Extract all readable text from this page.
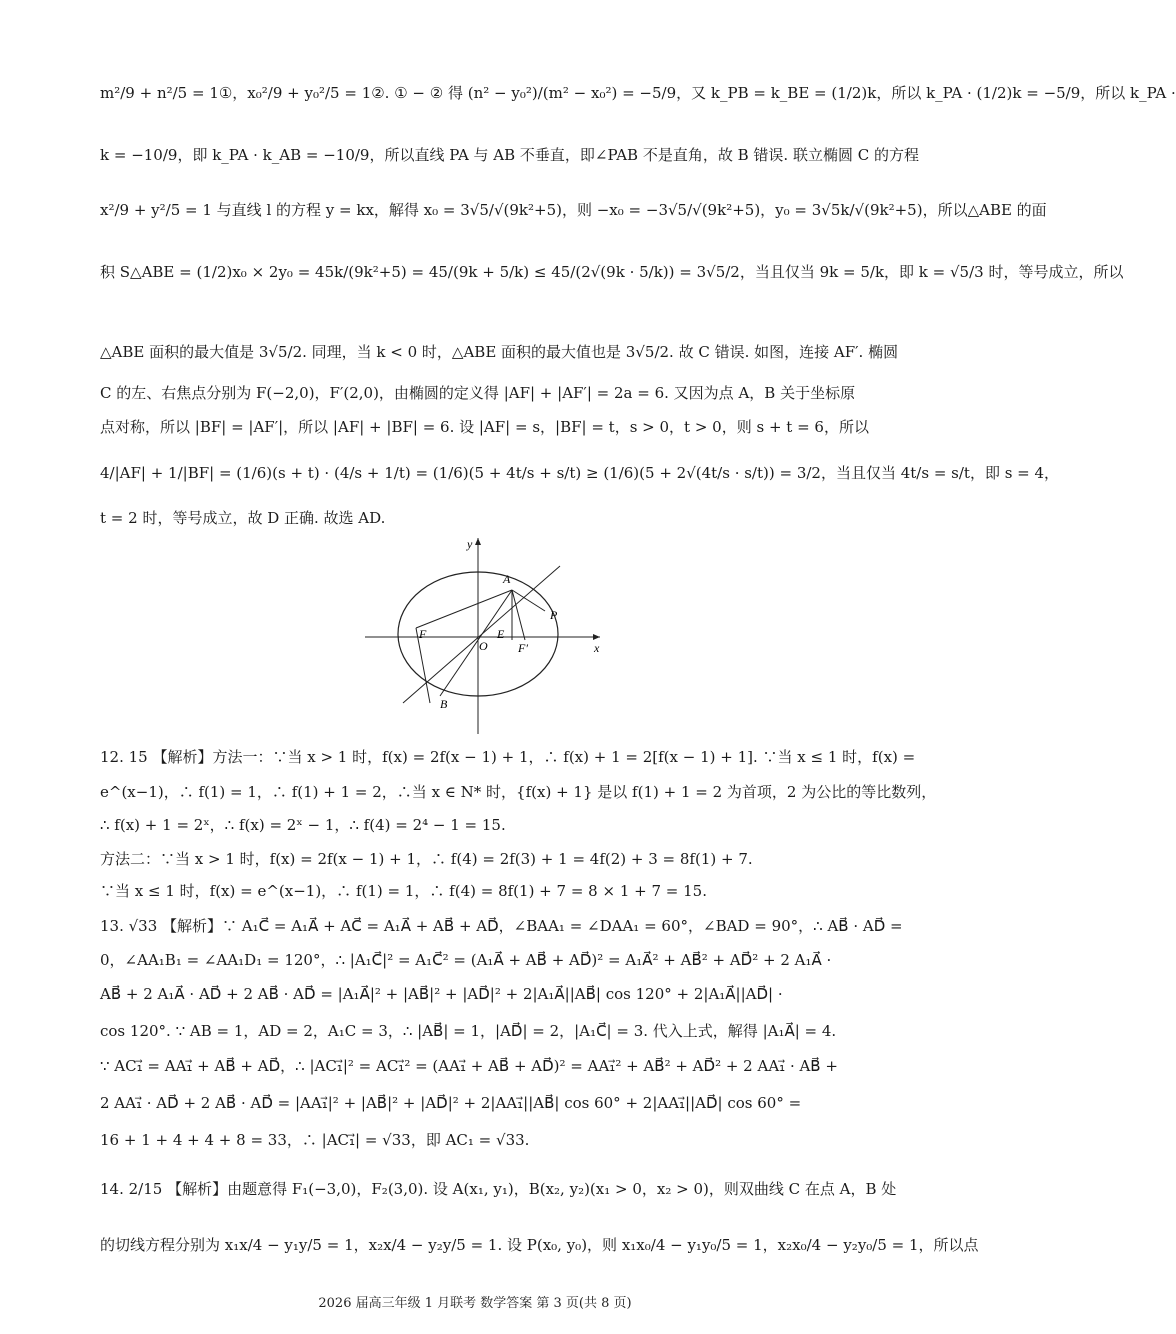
m²/9 + n²/5 = 1①，x₀²/9 + y₀²/5 = 1②. ① − ② 得 (n² − y₀²)/(m² − x₀²) = −5/9，又 k_PB = k_BE = (1/2)k，所以 k_PA · (1/2)k = −5/9，所以 k_PA ·
k = −10/9，即 k_PA · k_AB = −10/9，所以直线 PA 与 AB 不垂直，即∠PAB 不是直角，故 B 错误. 联立椭圆 C 的方程
x²/9 + y²/5 = 1 与直线 l 的方程 y = kx，解得 x₀ = 3√5/√(9k²+5)，则 −x₀ = −3√5/√(9k²+5)，y₀ = 3√5k/√(9k²+5)，所以△ABE 的面
积 S△ABE = (1/2)x₀ × 2y₀ = 45k/(9k²+5) = 45/(9k + 5/k) ≤ 45/(2√(9k · 5/k)) = 3√5/2，当且仅当 9k = 5/k，即 k = √5/3 时，等号成立，所以
△ABE 面积的最大值是 3√5/2. 同理，当 k < 0 时，△ABE 面积的最大值也是 3√5/2. 故 C 错误. 如图，连接 AF′. 椭圆
C 的左、右焦点分别为 F(−2,0)，F′(2,0)，由椭圆的定义得 |AF| + |AF′| = 2a = 6. 又因为点 A，B 关于坐标原
点对称，所以 |BF| = |AF′|，所以 |AF| + |BF| = 6. 设 |AF| = s，|BF| = t，s > 0，t > 0，则 s + t = 6，所以
4/|AF| + 1/|BF| = (1/6)(s + t) · (4/s + 1/t) = (1/6)(5 + 4t/s + s/t) ≥ (1/6)(5 + 2√(4t/s · s/t)) = 3/2，当且仅当 4t/s = s/t，即 s = 4，
t = 2 时，等号成立，故 D 正确. 故选 AD.
y
x
A
P
F	E
O	F′
B
12. 15 【解析】方法一：∵当 x > 1 时，f(x) = 2f(x − 1) + 1，∴ f(x) + 1 = 2[f(x − 1) + 1]. ∵当 x ≤ 1 时，f(x) =
e^(x−1)，∴ f(1) = 1，∴ f(1) + 1 = 2，∴当 x ∈ N* 时，{f(x) + 1} 是以 f(1) + 1 = 2 为首项，2 为公比的等比数列，
∴ f(x) + 1 = 2ˣ，∴ f(x) = 2ˣ − 1，∴ f(4) = 2⁴ − 1 = 15.
方法二：∵当 x > 1 时，f(x) = 2f(x − 1) + 1，∴ f(4) = 2f(3) + 1 = 4f(2) + 3 = 8f(1) + 7.
∵当 x ≤ 1 时，f(x) = e^(x−1)，∴ f(1) = 1，∴ f(4) = 8f(1) + 7 = 8 × 1 + 7 = 15.
13. √33 【解析】∵ A₁C⃗ = A₁A⃗ + AC⃗ = A₁A⃗ + AB⃗ + AD⃗，∠BAA₁ = ∠DAA₁ = 60°，∠BAD = 90°，∴ AB⃗ · AD⃗ =
0，∠AA₁B₁ = ∠AA₁D₁ = 120°，∴ |A₁C⃗|² = A₁C⃗² = (A₁A⃗ + AB⃗ + AD⃗)² = A₁A⃗² + AB⃗² + AD⃗² + 2 A₁A⃗ ·
AB⃗ + 2 A₁A⃗ · AD⃗ + 2 AB⃗ · AD⃗ = |A₁A⃗|² + |AB⃗|² + |AD⃗|² + 2|A₁A⃗||AB⃗| cos 120° + 2|A₁A⃗||AD⃗| ·
cos 120°. ∵ AB = 1，AD = 2，A₁C = 3，∴ |AB⃗| = 1，|AD⃗| = 2，|A₁C⃗| = 3. 代入上式，解得 |A₁A⃗| = 4.
∵ AC₁⃗ = AA₁⃗ + AB⃗ + AD⃗，∴ |AC₁⃗|² = AC₁⃗² = (AA₁⃗ + AB⃗ + AD⃗)² = AA₁⃗² + AB⃗² + AD⃗² + 2 AA₁⃗ · AB⃗ +
2 AA₁⃗ · AD⃗ + 2 AB⃗ · AD⃗ = |AA₁⃗|² + |AB⃗|² + |AD⃗|² + 2|AA₁⃗||AB⃗| cos 60° + 2|AA₁⃗||AD⃗| cos 60° =
16 + 1 + 4 + 4 + 8 = 33，∴ |AC₁⃗| = √33，即 AC₁ = √33.
14. 2/15 【解析】由题意得 F₁(−3,0)，F₂(3,0). 设 A(x₁, y₁)，B(x₂, y₂)(x₁ > 0，x₂ > 0)，则双曲线 C 在点 A，B 处
的切线方程分别为 x₁x/4 − y₁y/5 = 1，x₂x/4 − y₂y/5 = 1. 设 P(x₀, y₀)，则 x₁x₀/4 − y₁y₀/5 = 1，x₂x₀/4 − y₂y₀/5 = 1，所以点
2026 届高三年级 1 月联考 数学答案 第 3 页(共 8 页)
